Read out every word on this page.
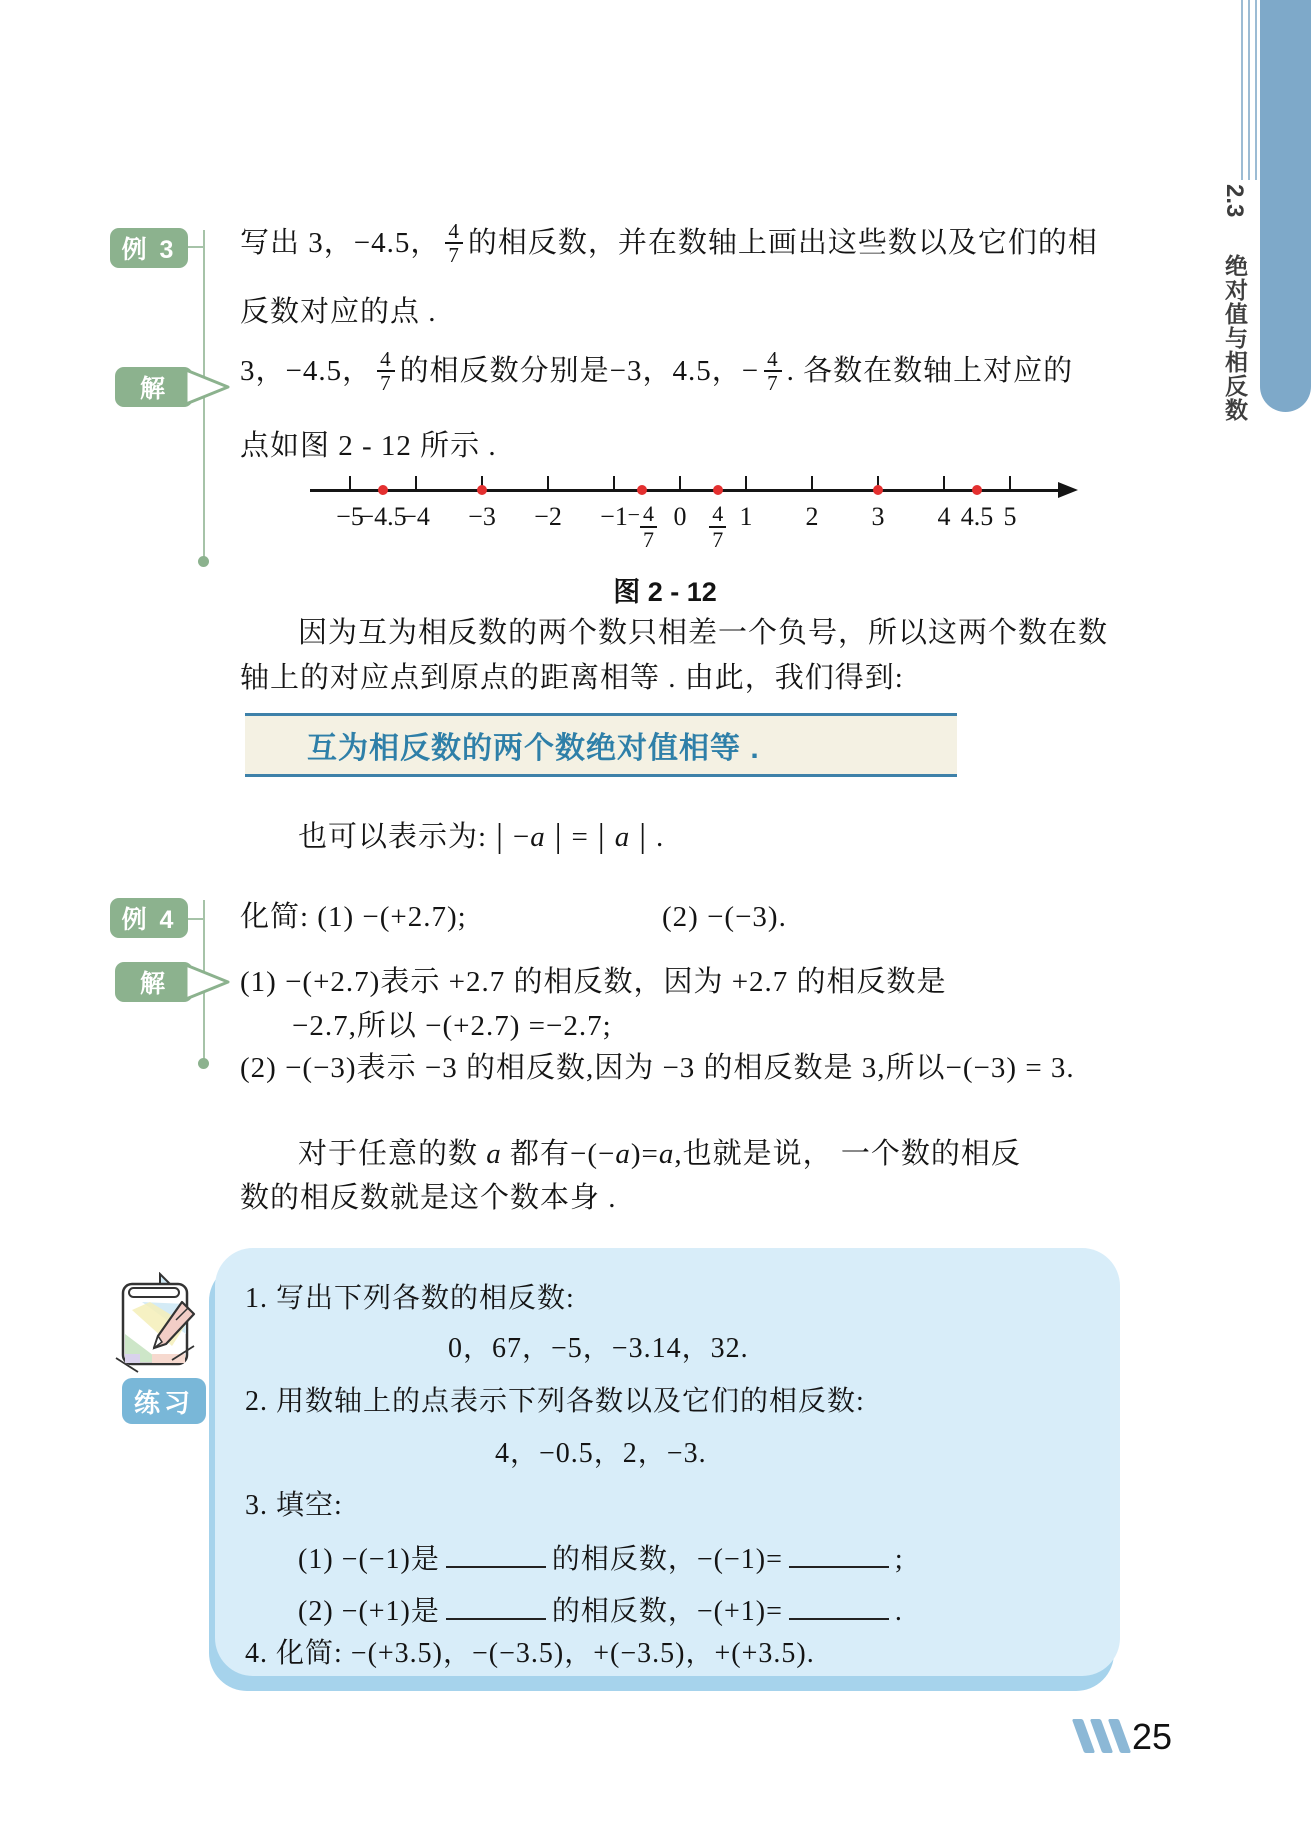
2.3
绝对值与相反数
例 3	写出 3，−4.5， $\frac{4}{7}$ 的相反数，并在数轴上画出这些数以及它们的相
反数对应的点 .
解
3，−4.5， $\frac{4}{7}$ 的相反数分别是−3，4.5，− $\frac{4}{7}$ . 各数在数轴上对应的
点如图 2 - 12 所示 .
−5	−4	−3	−2	−1	0	1	2	3	4	5
−4.5	4.5
− $\frac{4}{7}$	4
7
图 2 - 12
因为互为相反数的两个数只相差一个负号，所以这两个数在数
轴上的对应点到原点的距离相等 . 由此，我们得到:
互为相反数的两个数绝对值相等 .
也可以表示为: | − a | = | a | .
例 4	化简: (1) −(+2.7);	(2) −(−3).
解	(1) −(+2.7)表示 +2.7 的相反数，因为 +2.7 的相反数是
−2.7,所以 −(+2.7) =−2.7;
(2) −(−3)表示 −3 的相反数,因为 −3 的相反数是 3,所以−(−3) = 3.
对于任意的数 a 都有−(−a)=a,也就是说， 一个数的相反
数的相反数就是这个数本身 .
练习
1. 写出下列各数的相反数:
0，67，−5，−3.14，32.
2. 用数轴上的点表示下列各数以及它们的相反数:
4，−0.5，2，−3.
3. 填空:
(1) −(−1)是	的相反数，−(−1)=	;
(2) −(+1)是	的相反数，−(+1)=	.
4. 化简: −(+3.5)，−(−3.5)，+(−3.5)，+(+3.5).
25
